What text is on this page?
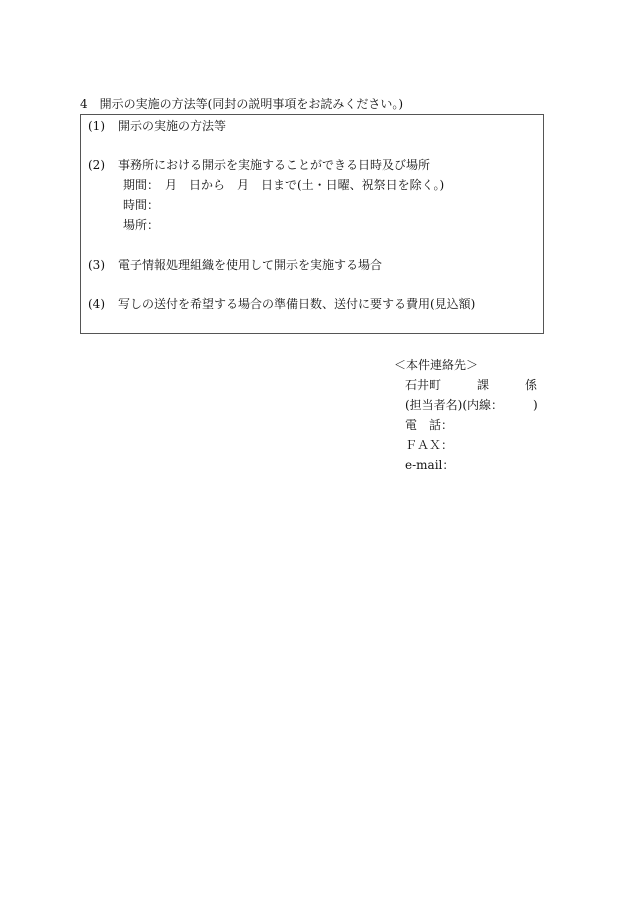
4　開示の実施の方法等(同封の説明事項をお読みください。)
(1) 開示の実施の方法等
(2) 事務所における開示を実施することができる日時及び場所
期間：　月　日から　月　日まで(土・日曜、祝祭日を除く。)
時間：
場所：
(3) 電子情報処理組織を使用して開示を実施する場合
(4) 写しの送付を希望する場合の準備日数、送付に要する費用(見込額)
＜本件連絡先＞
石井町　　　課　　　係
(担当者名)(内線：　　　)
電　話：
ＦＡＸ：
e-mail：
